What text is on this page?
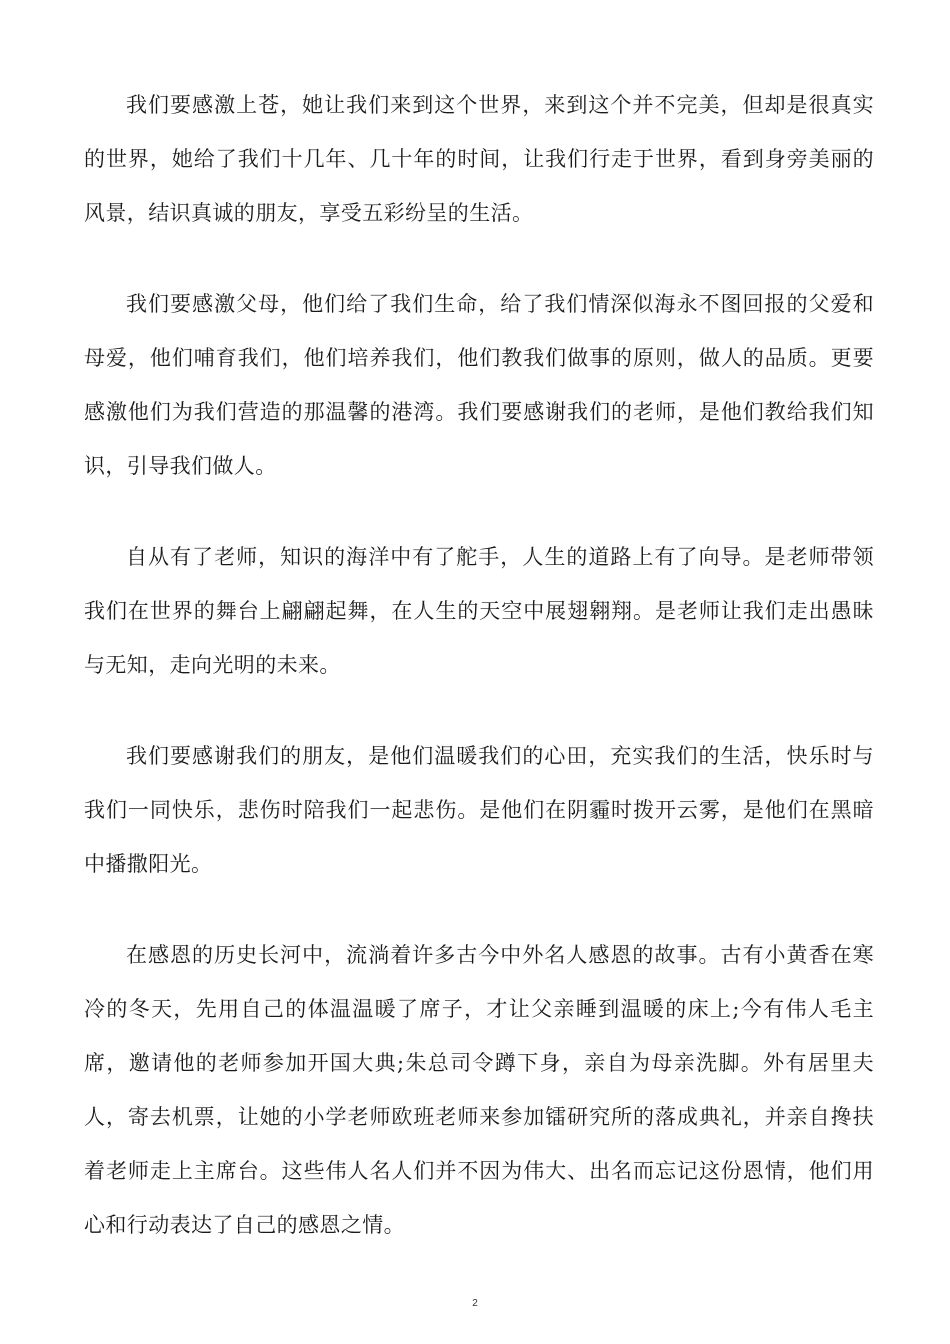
我们要感激上苍，她让我们来到这个世界，来到这个并不完美，但却是很真实的世界，她给了我们十几年、几十年的时间，让我们行走于世界，看到身旁美丽的风景，结识真诚的朋友，享受五彩纷呈的生活。

我们要感激父母，他们给了我们生命，给了我们情深似海永不图回报的父爱和母爱，他们哺育我们，他们培养我们，他们教我们做事的原则，做人的品质。更要感激他们为我们营造的那温馨的港湾。我们要感谢我们的老师，是他们教给我们知识，引导我们做人。

自从有了老师，知识的海洋中有了舵手，人生的道路上有了向导。是老师带领我们在世界的舞台上翩翩起舞，在人生的天空中展翅翱翔。是老师让我们走出愚昧与无知，走向光明的未来。

我们要感谢我们的朋友，是他们温暖我们的心田，充实我们的生活，快乐时与我们一同快乐，悲伤时陪我们一起悲伤。是他们在阴霾时拨开云雾，是他们在黑暗中播撒阳光。

在感恩的历史长河中，流淌着许多古今中外名人感恩的故事。古有小黄香在寒冷的冬天，先用自己的体温温暖了席子，才让父亲睡到温暖的床上;今有伟人毛主席，邀请他的老师参加开国大典;朱总司令蹲下身，亲自为母亲洗脚。外有居里夫人，寄去机票，让她的小学老师欧班老师来参加镭研究所的落成典礼，并亲自搀扶着老师走上主席台。这些伟人名人们并不因为伟大、出名而忘记这份恩情，他们用心和行动表达了自己的感恩之情。

2
